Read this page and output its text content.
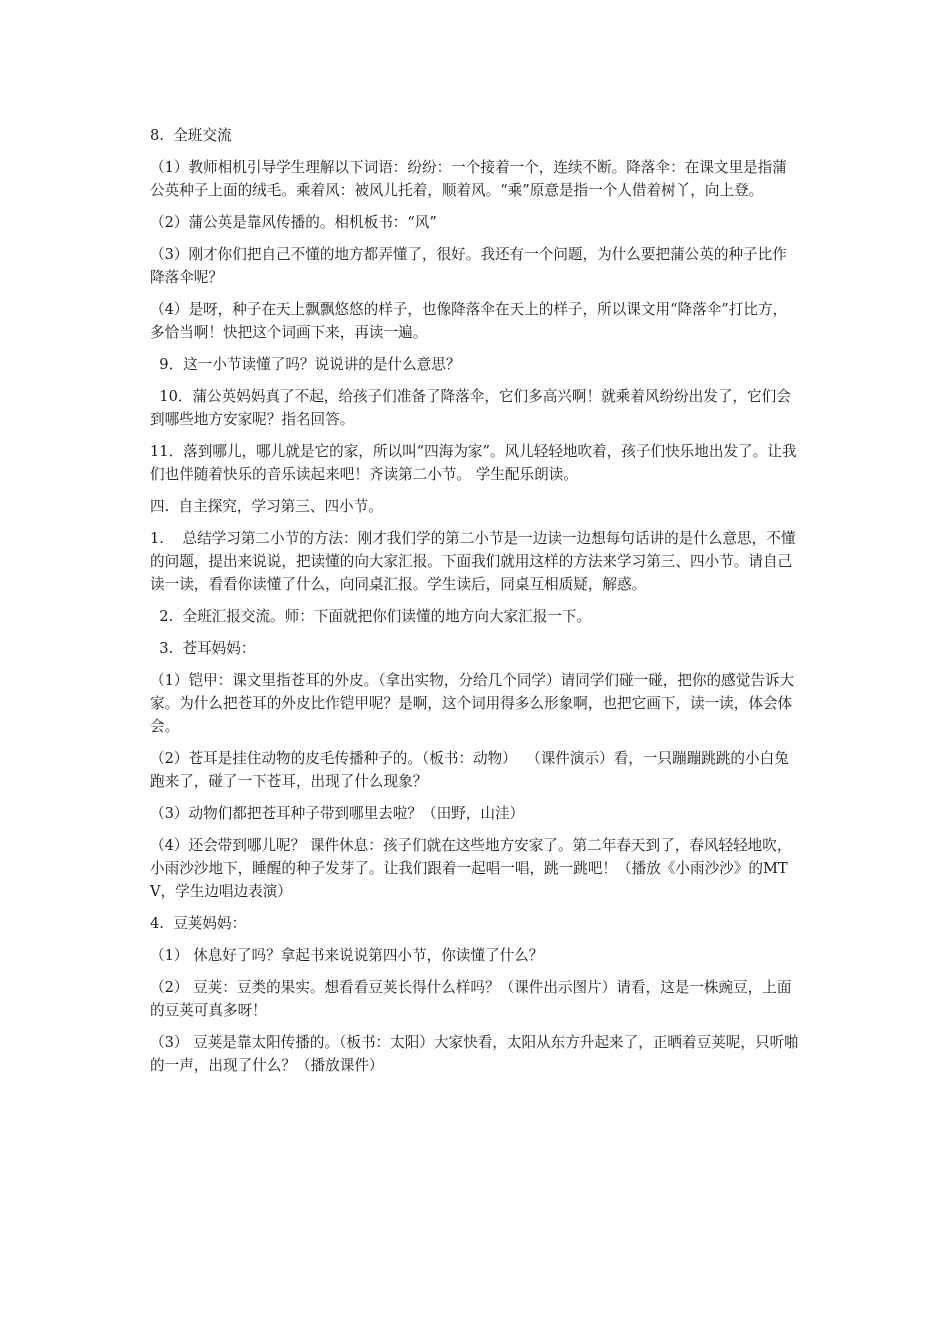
8.  全班交流

（1）教师相机引导学生理解以下词语：纷纷：一个接着一个，连续不断。降落伞：在课文里是指蒲公英种子上面的绒毛。乘着风：被风儿托着，顺着风。“乘”原意是指一个人借着树丫，向上登。

（2）蒲公英是靠风传播的。相机板书：“风”

（3）刚才你们把自己不懂的地方都弄懂了，很好。我还有一个问题，为什么要把蒲公英的种子比作降落伞呢？

（4）是呀，种子在天上飘飘悠悠的样子，也像降落伞在天上的样子，所以课文用“降落伞”打比方，多恰当啊！快把这个词画下来，再读一遍。

9．这一小节读懂了吗？说说讲的是什么意思？

10．蒲公英妈妈真了不起，给孩子们准备了降落伞，它们多高兴啊！就乘着风纷纷出发了，它们会到哪些地方安家呢？指名回答。

11．落到哪儿，哪儿就是它的家，所以叫“四海为家”。风儿轻轻地吹着，孩子们快乐地出发了。让我们也伴随着快乐的音乐读起来吧！齐读第二小节。 学生配乐朗读。

四.  自主探究，学习第三、四小节。

1.    总结学习第二小节的方法：刚才我们学的第二小节是一边读一边想每句话讲的是什么意思，不懂的问题，提出来说说，把读懂的向大家汇报。下面我们就用这样的方法来学习第三、四小节。请自己读一读，看看你读懂了什么，向同桌汇报。学生读后，同桌互相质疑，解惑。

2.  全班汇报交流。师：下面就把你们读懂的地方向大家汇报一下。

3.  苍耳妈妈：

（1）铠甲：课文里指苍耳的外皮。（拿出实物，分给几个同学）请同学们碰一碰，把你的感觉告诉大家。为什么把苍耳的外皮比作铠甲呢？是啊，这个词用得多么形象啊，也把它画下，读一读，体会体会。

（2）苍耳是挂住动物的皮毛传播种子的。（板书：动物）  （课件演示）看，一只蹦蹦跳跳的小白兔跑来了，碰了一下苍耳，出现了什么现象？

（3）动物们都把苍耳种子带到哪里去啦？（田野，山洼）

（4）还会带到哪儿呢？ 课件休息：孩子们就在这些地方安家了。第二年春天到了，春风轻轻地吹，小雨沙沙地下，睡醒的种子发芽了。让我们跟着一起唱一唱，跳一跳吧！（播放《小雨沙沙》的MTV，学生边唱边表演）

4.  豆荚妈妈：

（1） 休息好了吗？拿起书来说说第四小节，你读懂了什么？

（2） 豆荚：豆类的果实。想看看豆荚长得什么样吗？（课件出示图片）请看，这是一株豌豆，上面的豆荚可真多呀！

（3） 豆荚是靠太阳传播的。（板书：太阳）大家快看，太阳从东方升起来了，正晒着豆荚呢，只听啪的一声，出现了什么？（播放课件）
